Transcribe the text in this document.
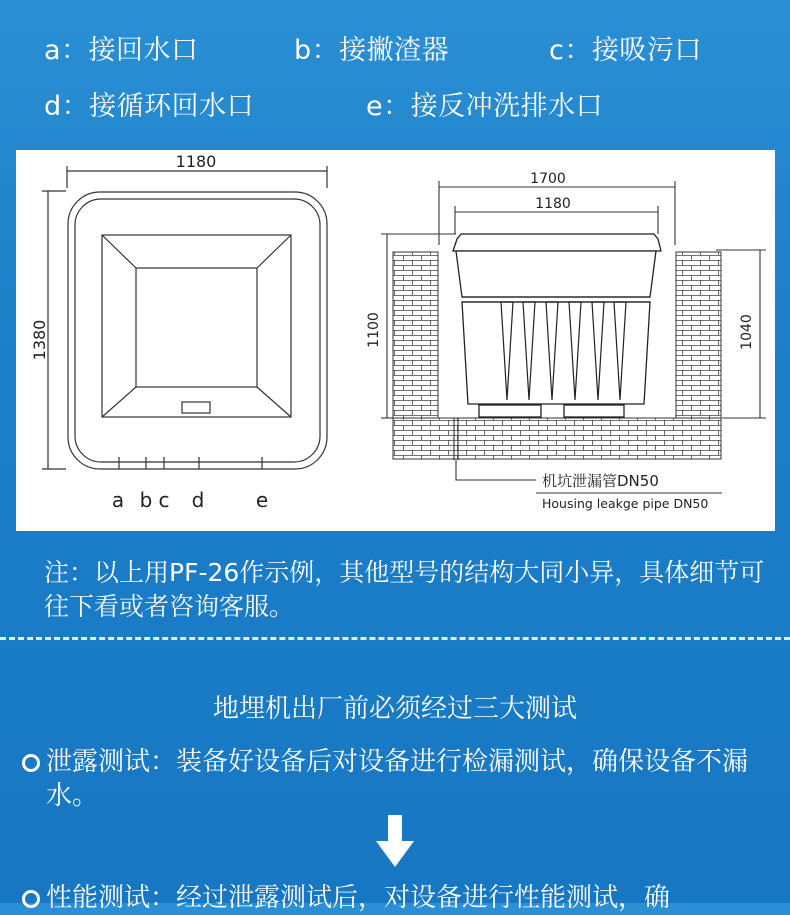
a：接回水口	b：接撇渣器	c：接吸污口
d：接循环回水口	e：接反冲洗排水口
1180
1380
a b c d	e
1700
1180
1100	1040
机坑泄漏管DN50
Housing leakge pipe DN50
注：以上用PF-26作示例，其他型号的结构大同小异，具体细节可往下看或者咨询客服。
地埋机出厂前必须经过三大测试
泄露测试：装备好设备后对设备进行检漏测试，确保设备不漏水。
性能测试：经过泄露测试后，对设备进行性能测试，确
